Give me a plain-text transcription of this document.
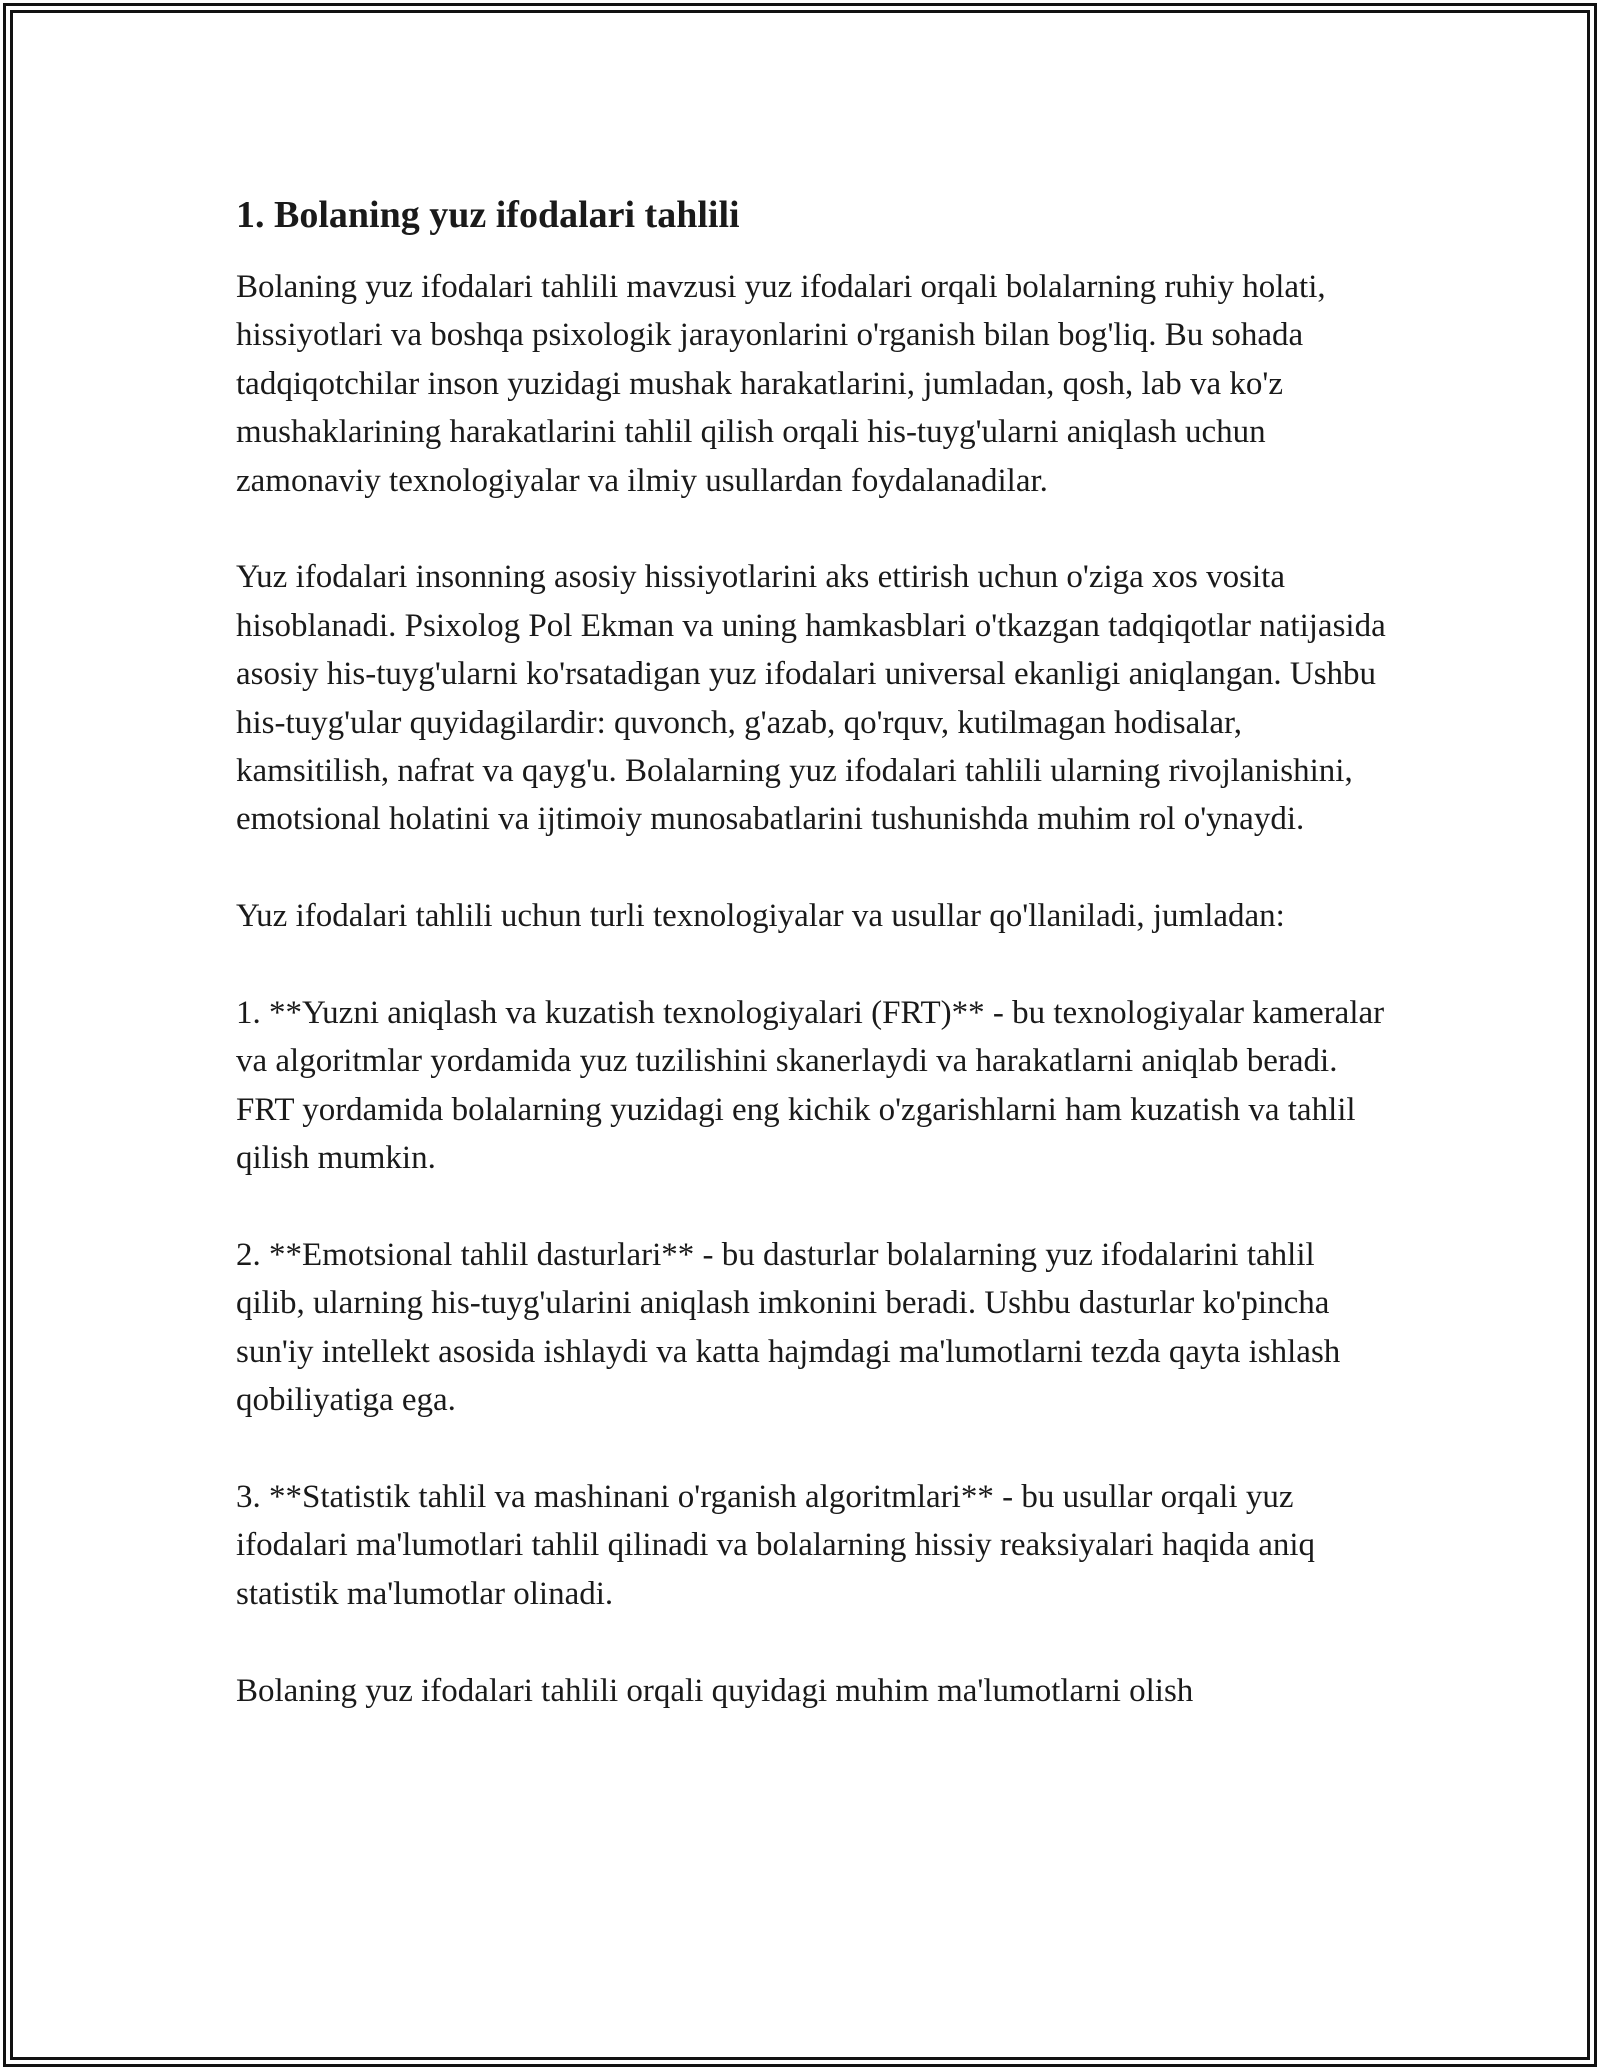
1. Bolaning yuz ifodalari tahlili

Bolaning yuz ifodalari tahlili mavzusi yuz ifodalari orqali bolalarning ruhiy holati, hissiyotlari va boshqa psixologik jarayonlarini o'rganish bilan bog'liq. Bu sohada tadqiqotchilar inson yuzidagi mushak harakatlarini, jumladan, qosh, lab va ko'z mushaklarining harakatlarini tahlil qilish orqali his-tuyg'ularni aniqlash uchun zamonaviy texnologiyalar va ilmiy usullardan foydalanadilar.

Yuz ifodalari insonning asosiy hissiyotlarini aks ettirish uchun o'ziga xos vosita hisoblanadi. Psixolog Pol Ekman va uning hamkasblari o'tkazgan tadqiqotlar natijasida asosiy his-tuyg'ularni ko'rsatadigan yuz ifodalari universal ekanligi aniqlangan. Ushbu his-tuyg'ular quyidagilardir: quvonch, g'azab, qo'rquv, kutilmagan hodisalar, kamsitilish, nafrat va qayg'u. Bolalarning yuz ifodalari tahlili ularning rivojlanishini, emotsional holatini va ijtimoiy munosabatlarini tushunishda muhim rol o'ynaydi.

Yuz ifodalari tahlili uchun turli texnologiyalar va usullar qo'llaniladi, jumladan:

1. **Yuzni aniqlash va kuzatish texnologiyalari (FRT)** - bu texnologiyalar kameralar va algoritmlar yordamida yuz tuzilishini skanerlaydi va harakatlarni aniqlab beradi. FRT yordamida bolalarning yuzidagi eng kichik o'zgarishlarni ham kuzatish va tahlil qilish mumkin.

2. **Emotsional tahlil dasturlari** - bu dasturlar bolalarning yuz ifodalarini tahlil qilib, ularning his-tuyg'ularini aniqlash imkonini beradi. Ushbu dasturlar ko'pincha sun'iy intellekt asosida ishlaydi va katta hajmdagi ma'lumotlarni tezda qayta ishlash qobiliyatiga ega.

3. **Statistik tahlil va mashinani o'rganish algoritmlari** - bu usullar orqali yuz ifodalari ma'lumotlari tahlil qilinadi va bolalarning hissiy reaksiyalari haqida aniq statistik ma'lumotlar olinadi.

Bolaning yuz ifodalari tahlili orqali quyidagi muhim ma'lumotlarni olish
